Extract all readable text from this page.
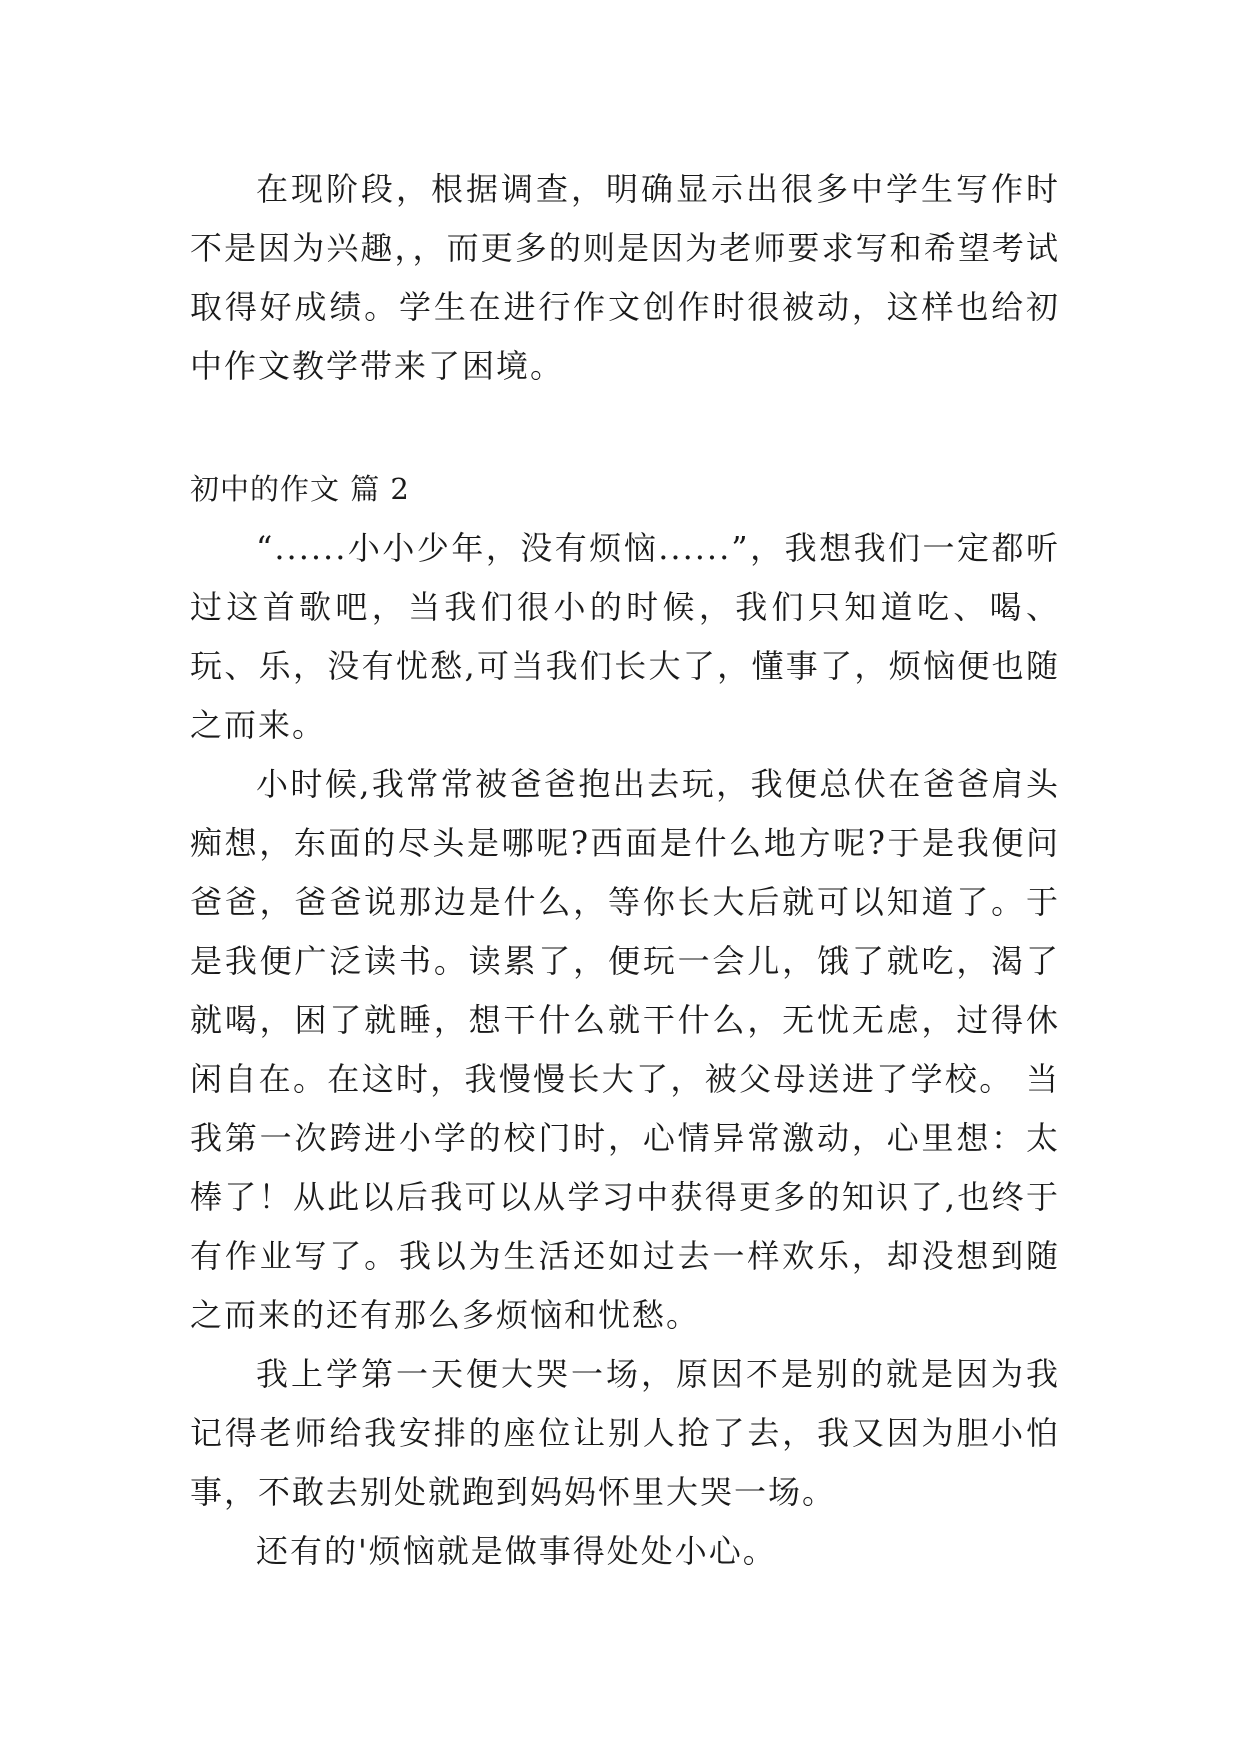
在现阶段，根据调查，明确显示出很多中学生写作时不是因为兴趣，，而更多的则是因为老师要求写和希望考试取得好成绩。学生在进行作文创作时很被动，这样也给初中作文教学带来了困境。

初中的作文 篇 2

“......小小少年，没有烦恼......”，我想我们一定都听过这首歌吧，当我们很小的时候，我们只知道吃、喝、玩、乐，没有忧愁,可当我们长大了，懂事了，烦恼便也随之而来。

小时候,我常常被爸爸抱出去玩，我便总伏在爸爸肩头痴想，东面的尽头是哪呢?西面是什么地方呢?于是我便问爸爸，爸爸说那边是什么，等你长大后就可以知道了。于是我便广泛读书。读累了，便玩一会儿，饿了就吃，渴了就喝，困了就睡，想干什么就干什么，无忧无虑，过得休闲自在。在这时，我慢慢长大了，被父母送进了学校。 当我第一次跨进小学的校门时，心情异常激动，心里想：太棒了！从此以后我可以从学习中获得更多的知识了,也终于有作业写了。我以为生活还如过去一样欢乐，却没想到随之而来的还有那么多烦恼和忧愁。

我上学第一天便大哭一场，原因不是别的就是因为我记得老师给我安排的座位让别人抢了去，我又因为胆小怕事，不敢去别处就跑到妈妈怀里大哭一场。

还有的'烦恼就是做事得处处小心。
